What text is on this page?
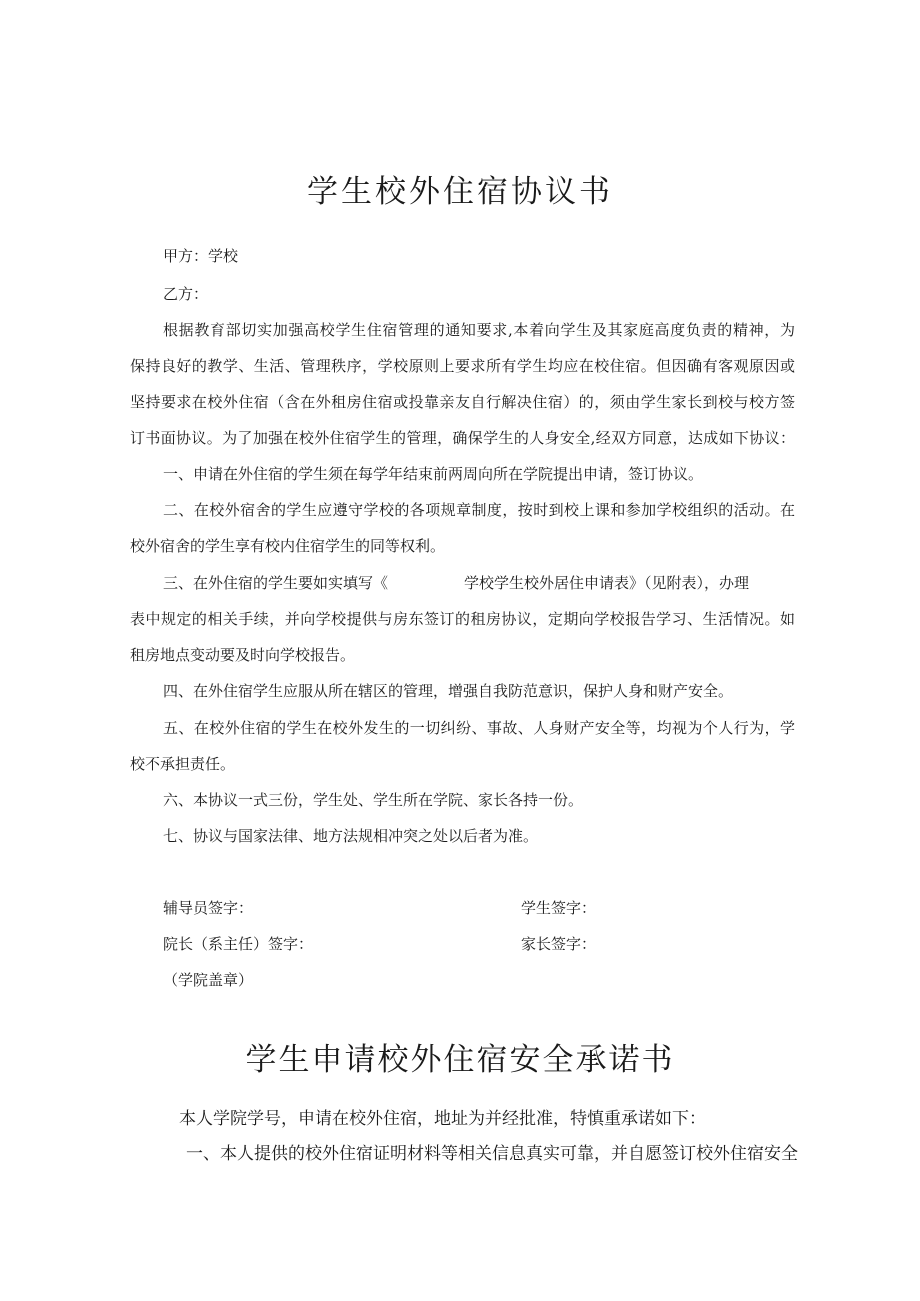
学生校外住宿协议书

甲方：学校

乙方：

根据教育部切实加强高校学生住宿管理的通知要求,本着向学生及其家庭高度负责的精神，为

保持良好的教学、生活、管理秩序，学校原则上要求所有学生均应在校住宿。但因确有客观原因或

坚持要求在校外住宿（含在外租房住宿或投靠亲友自行解决住宿）的，须由学生家长到校与校方签

订书面协议。为了加强在校外住宿学生的管理，确保学生的人身安全,经双方同意，达成如下协议：

一、申请在外住宿的学生须在每学年结束前两周向所在学院提出申请，签订协议。

二、在校外宿舍的学生应遵守学校的各项规章制度，按时到校上课和参加学校组织的活动。在

校外宿舍的学生享有校内住宿学生的同等权利。

三、在外住宿的学生要如实填写《	学校学生校外居住申请表》（见附表），办理

表中规定的相关手续，并向学校提供与房东签订的租房协议，定期向学校报告学习、生活情况。如

租房地点变动要及时向学校报告。

四、在外住宿学生应服从所在辖区的管理，增强自我防范意识，保护人身和财产安全。

五、在校外住宿的学生在校外发生的一切纠纷、事故、人身财产安全等，均视为个人行为，学

校不承担责任。

六、本协议一式三份，学生处、学生所在学院、家长各持一份。

七、协议与国家法律、地方法规相冲突之处以后者为准。

辅导员签字：	学生签字：

院长（系主任）签字：	家长签字：

（学院盖章）

学生申请校外住宿安全承诺书

本人学院学号，申请在校外住宿，地址为并经批准，特慎重承诺如下：

一、本人提供的校外住宿证明材料等相关信息真实可靠，并自愿签订校外住宿安全
